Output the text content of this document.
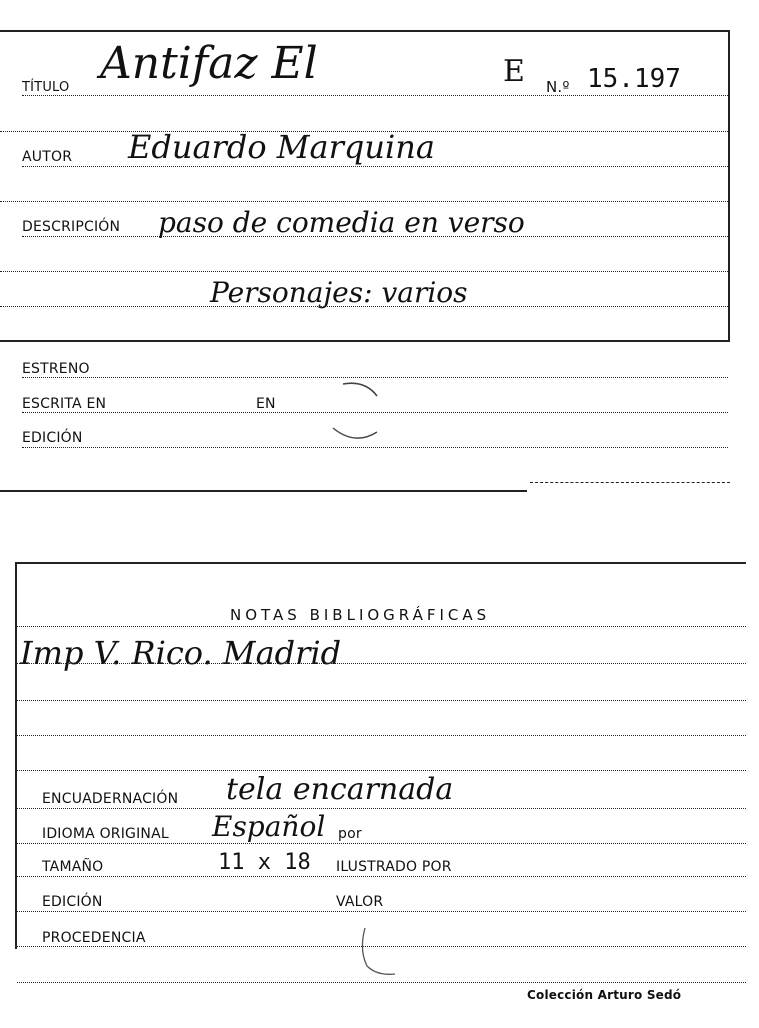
TÍTULO Antifaz El	E N.º 15.197
AUTOR Eduardo Marquina
DESCRIPCIÓN paso de comedia en verso
Personajes: varios
ESTRENO
ESCRITA EN	EN
EDICIÓN
NOTAS BIBLIOGRÁFICAS
Imp V. Rico. Madrid
ENCUADERNACIÓN tela encarnada
IDIOMA ORIGINAL Español por
TAMAÑO	11 x 18 ILUSTRADO POR
EDICIÓN	VALOR
PROCEDENCIA
Colección Arturo Sedó
